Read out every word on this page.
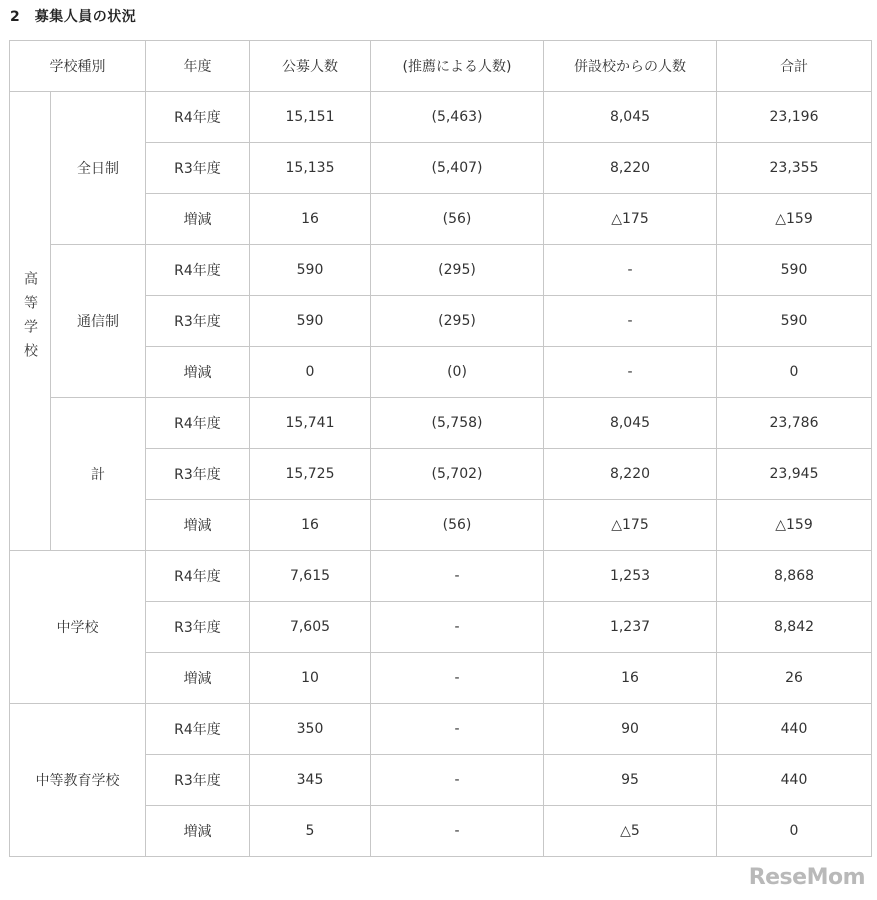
2　募集人員の状況
学校種別		年度	公募人数	(推薦による人数)	併設校からの人数	合計
高等学校	全日制	R4年度	15,151	(5,463)	8,045	23,196
		R3年度	15,135	(5,407)	8,220	23,355
		増減	16	(56)	△175	△159
	通信制	R4年度	590	(295)	-	590
		R3年度	590	(295)	-	590
		増減	0	(0)	-	0
	計	R4年度	15,741	(5,758)	8,045	23,786
		R3年度	15,725	(5,702)	8,220	23,945
		増減	16	(56)	△175	△159
中学校		R4年度	7,615	-	1,253	8,868
		R3年度	7,605	-	1,237	8,842
		増減	10	-	16	26
中等教育学校		R4年度	350	-	90	440
		R3年度	345	-	95	440
		増減	5	-	△5	0
ReseMom
